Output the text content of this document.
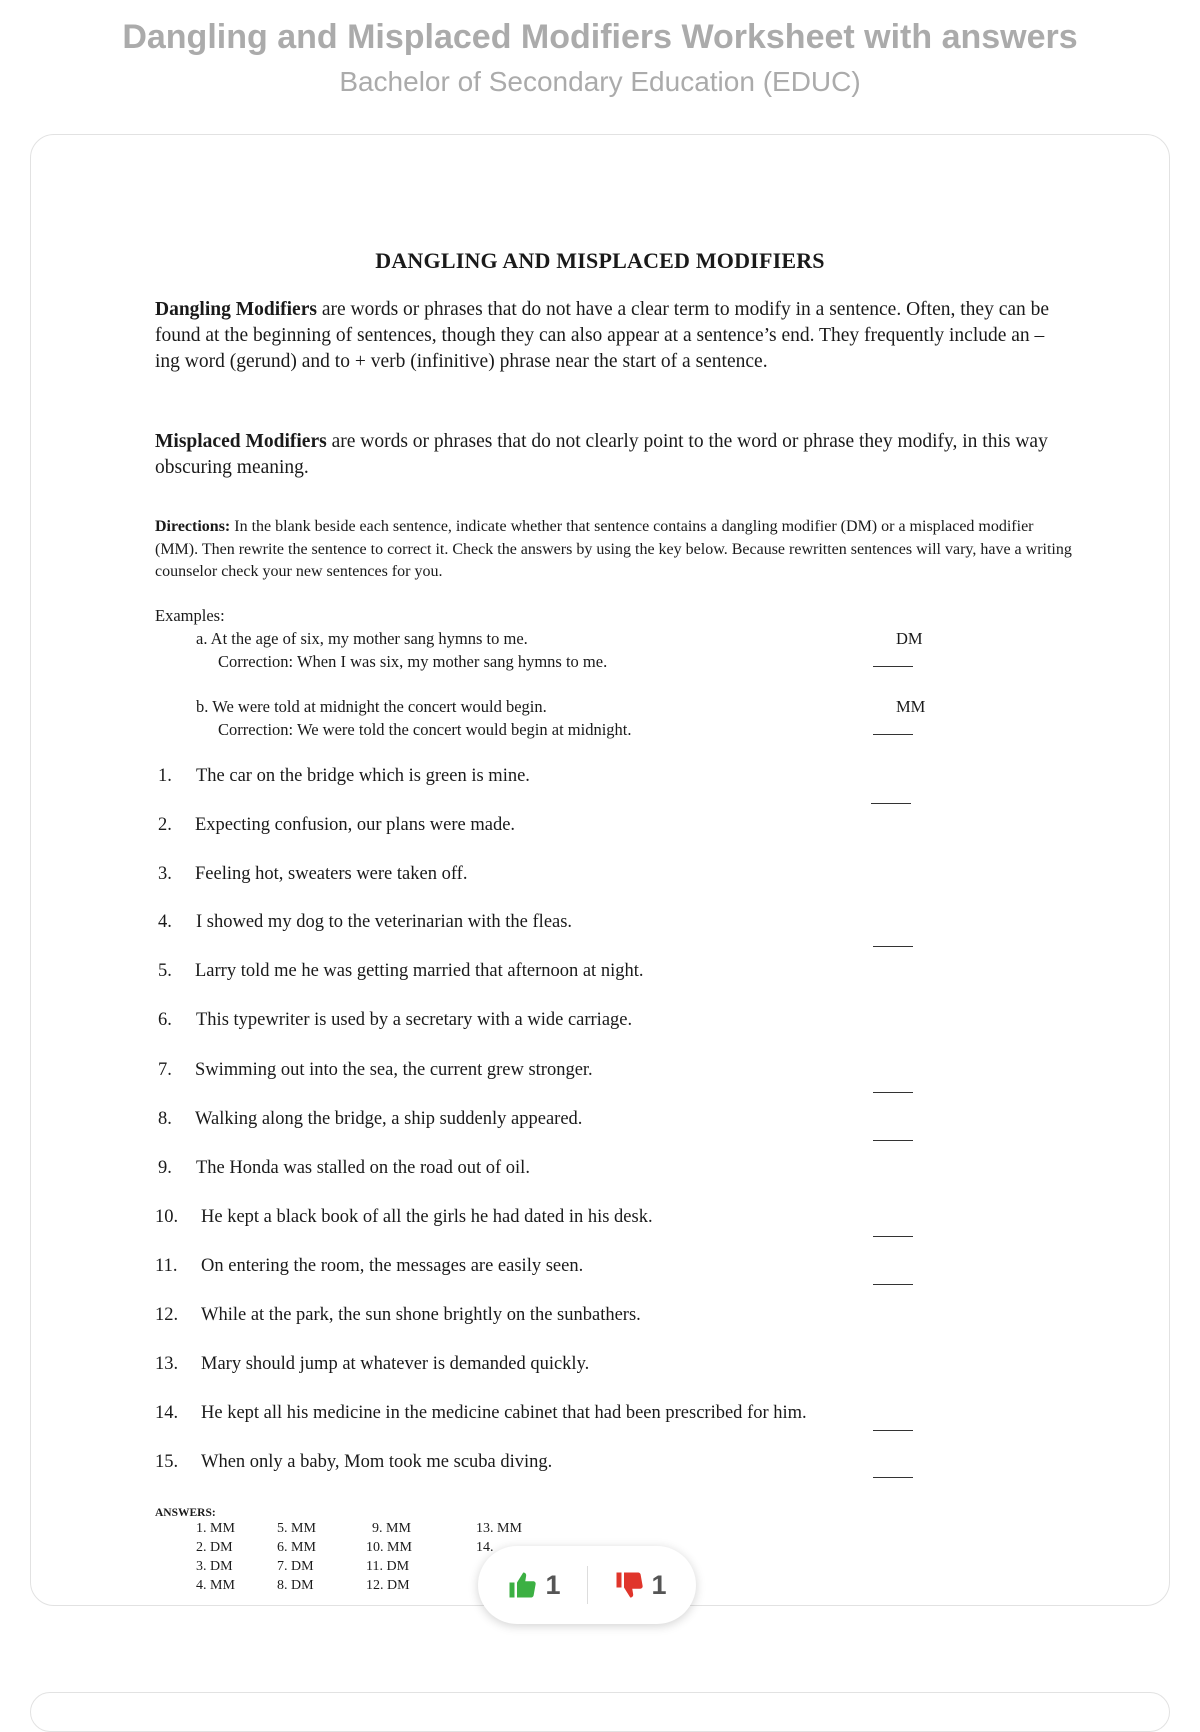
Dangling and Misplaced Modifiers Worksheet with answers
Bachelor of Secondary Education (EDUC)
DANGLING AND MISPLACED MODIFIERS
Dangling Modifiers are words or phrases that do not have a clear term to modify in a sentence. Often, they can be found at the beginning of sentences, though they can also appear at a sentence’s end. They frequently include an –ing word (gerund) and to + verb (infinitive) phrase near the start of a sentence.
Misplaced Modifiers are words or phrases that do not clearly point to the word or phrase they modify, in this way obscuring meaning.
Directions: In the blank beside each sentence, indicate whether that sentence contains a dangling modifier (DM) or a misplaced modifier (MM). Then rewrite the sentence to correct it. Check the answers by using the key below. Because rewritten sentences will vary, have a writing counselor check your new sentences for you.
Examples:
a. At the age of six, my mother sang hymns to me.
Correction: When I was six, my mother sang hymns to me.
DM
b. We were told at midnight the concert would begin.
Correction: We were told the concert would begin at midnight.
MM
1. The car on the bridge which is green is mine.
2. Expecting confusion, our plans were made.
3. Feeling hot, sweaters were taken off.
4. I showed my dog to the veterinarian with the fleas.
5. Larry told me he was getting married that afternoon at night.
6. This typewriter is used by a secretary with a wide carriage.
7. Swimming out into the sea, the current grew stronger.
8. Walking along the bridge, a ship suddenly appeared.
9. The Honda was stalled on the road out of oil.
10. He kept a black book of all the girls he had dated in his desk.
11. On entering the room, the messages are easily seen.
12. While at the park, the sun shone brightly on the sunbathers.
13. Mary should jump at whatever is demanded quickly.
14. He kept all his medicine in the medicine cabinet that had been prescribed for him.
15. When only a baby, Mom took me scuba diving.
ANSWERS:
1. MM	5. MM	9. MM	13. MM
2. DM	6. MM	10. MM	14.
3. DM	7. DM	11. DM
4. MM	8. DM	12. DM	1	1
